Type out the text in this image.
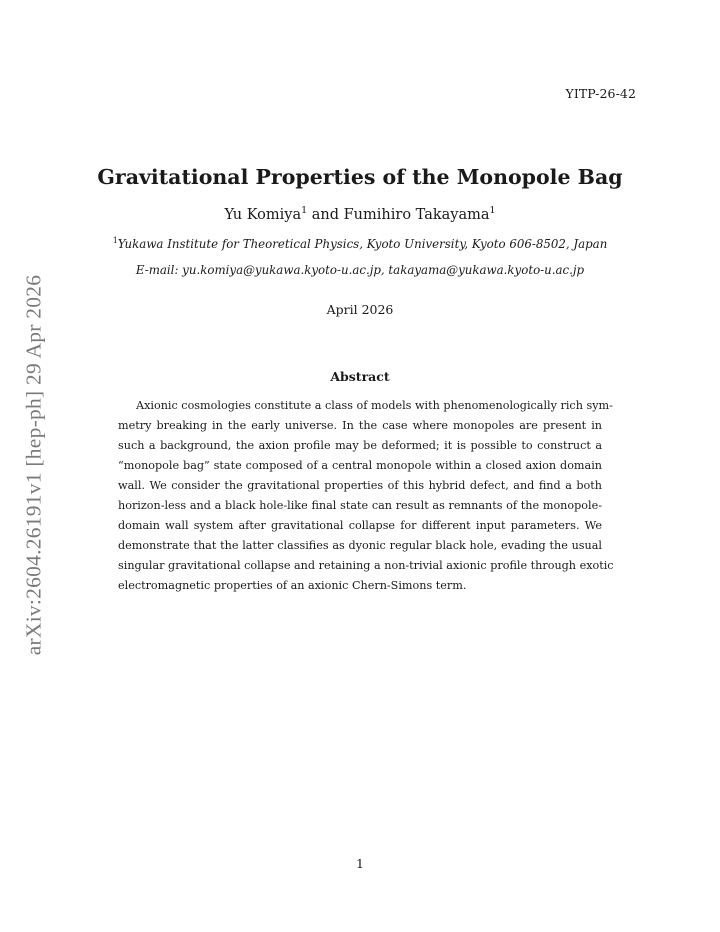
YITP-26-42
arXiv:2604.26191v1 [hep-ph] 29 Apr 2026
Gravitational Properties of the Monopole Bag
Yu Komiya$^1$ and Fumihiro Takayama$^1$
$^1$Yukawa Institute for Theoretical Physics, Kyoto University, Kyoto 606-8502, Japan
E-mail: yu.komiya@yukawa.kyoto-u.ac.jp, takayama@yukawa.kyoto-u.ac.jp
April 2026
Abstract
Axionic cosmologies constitute a class of models with phenomenologically rich sym-
metry breaking in the early universe. In the case where monopoles are present in
such a background, the axion profile may be deformed; it is possible to construct a
“monopole bag” state composed of a central monopole within a closed axion domain
wall. We consider the gravitational properties of this hybrid defect, and find a both
horizon-less and a black hole-like final state can result as remnants of the monopole-
domain wall system after gravitational collapse for different input parameters. We
demonstrate that the latter classifies as dyonic regular black hole, evading the usual
singular gravitational collapse and retaining a non-trivial axionic profile through exotic
electromagnetic properties of an axionic Chern-Simons term.
1
